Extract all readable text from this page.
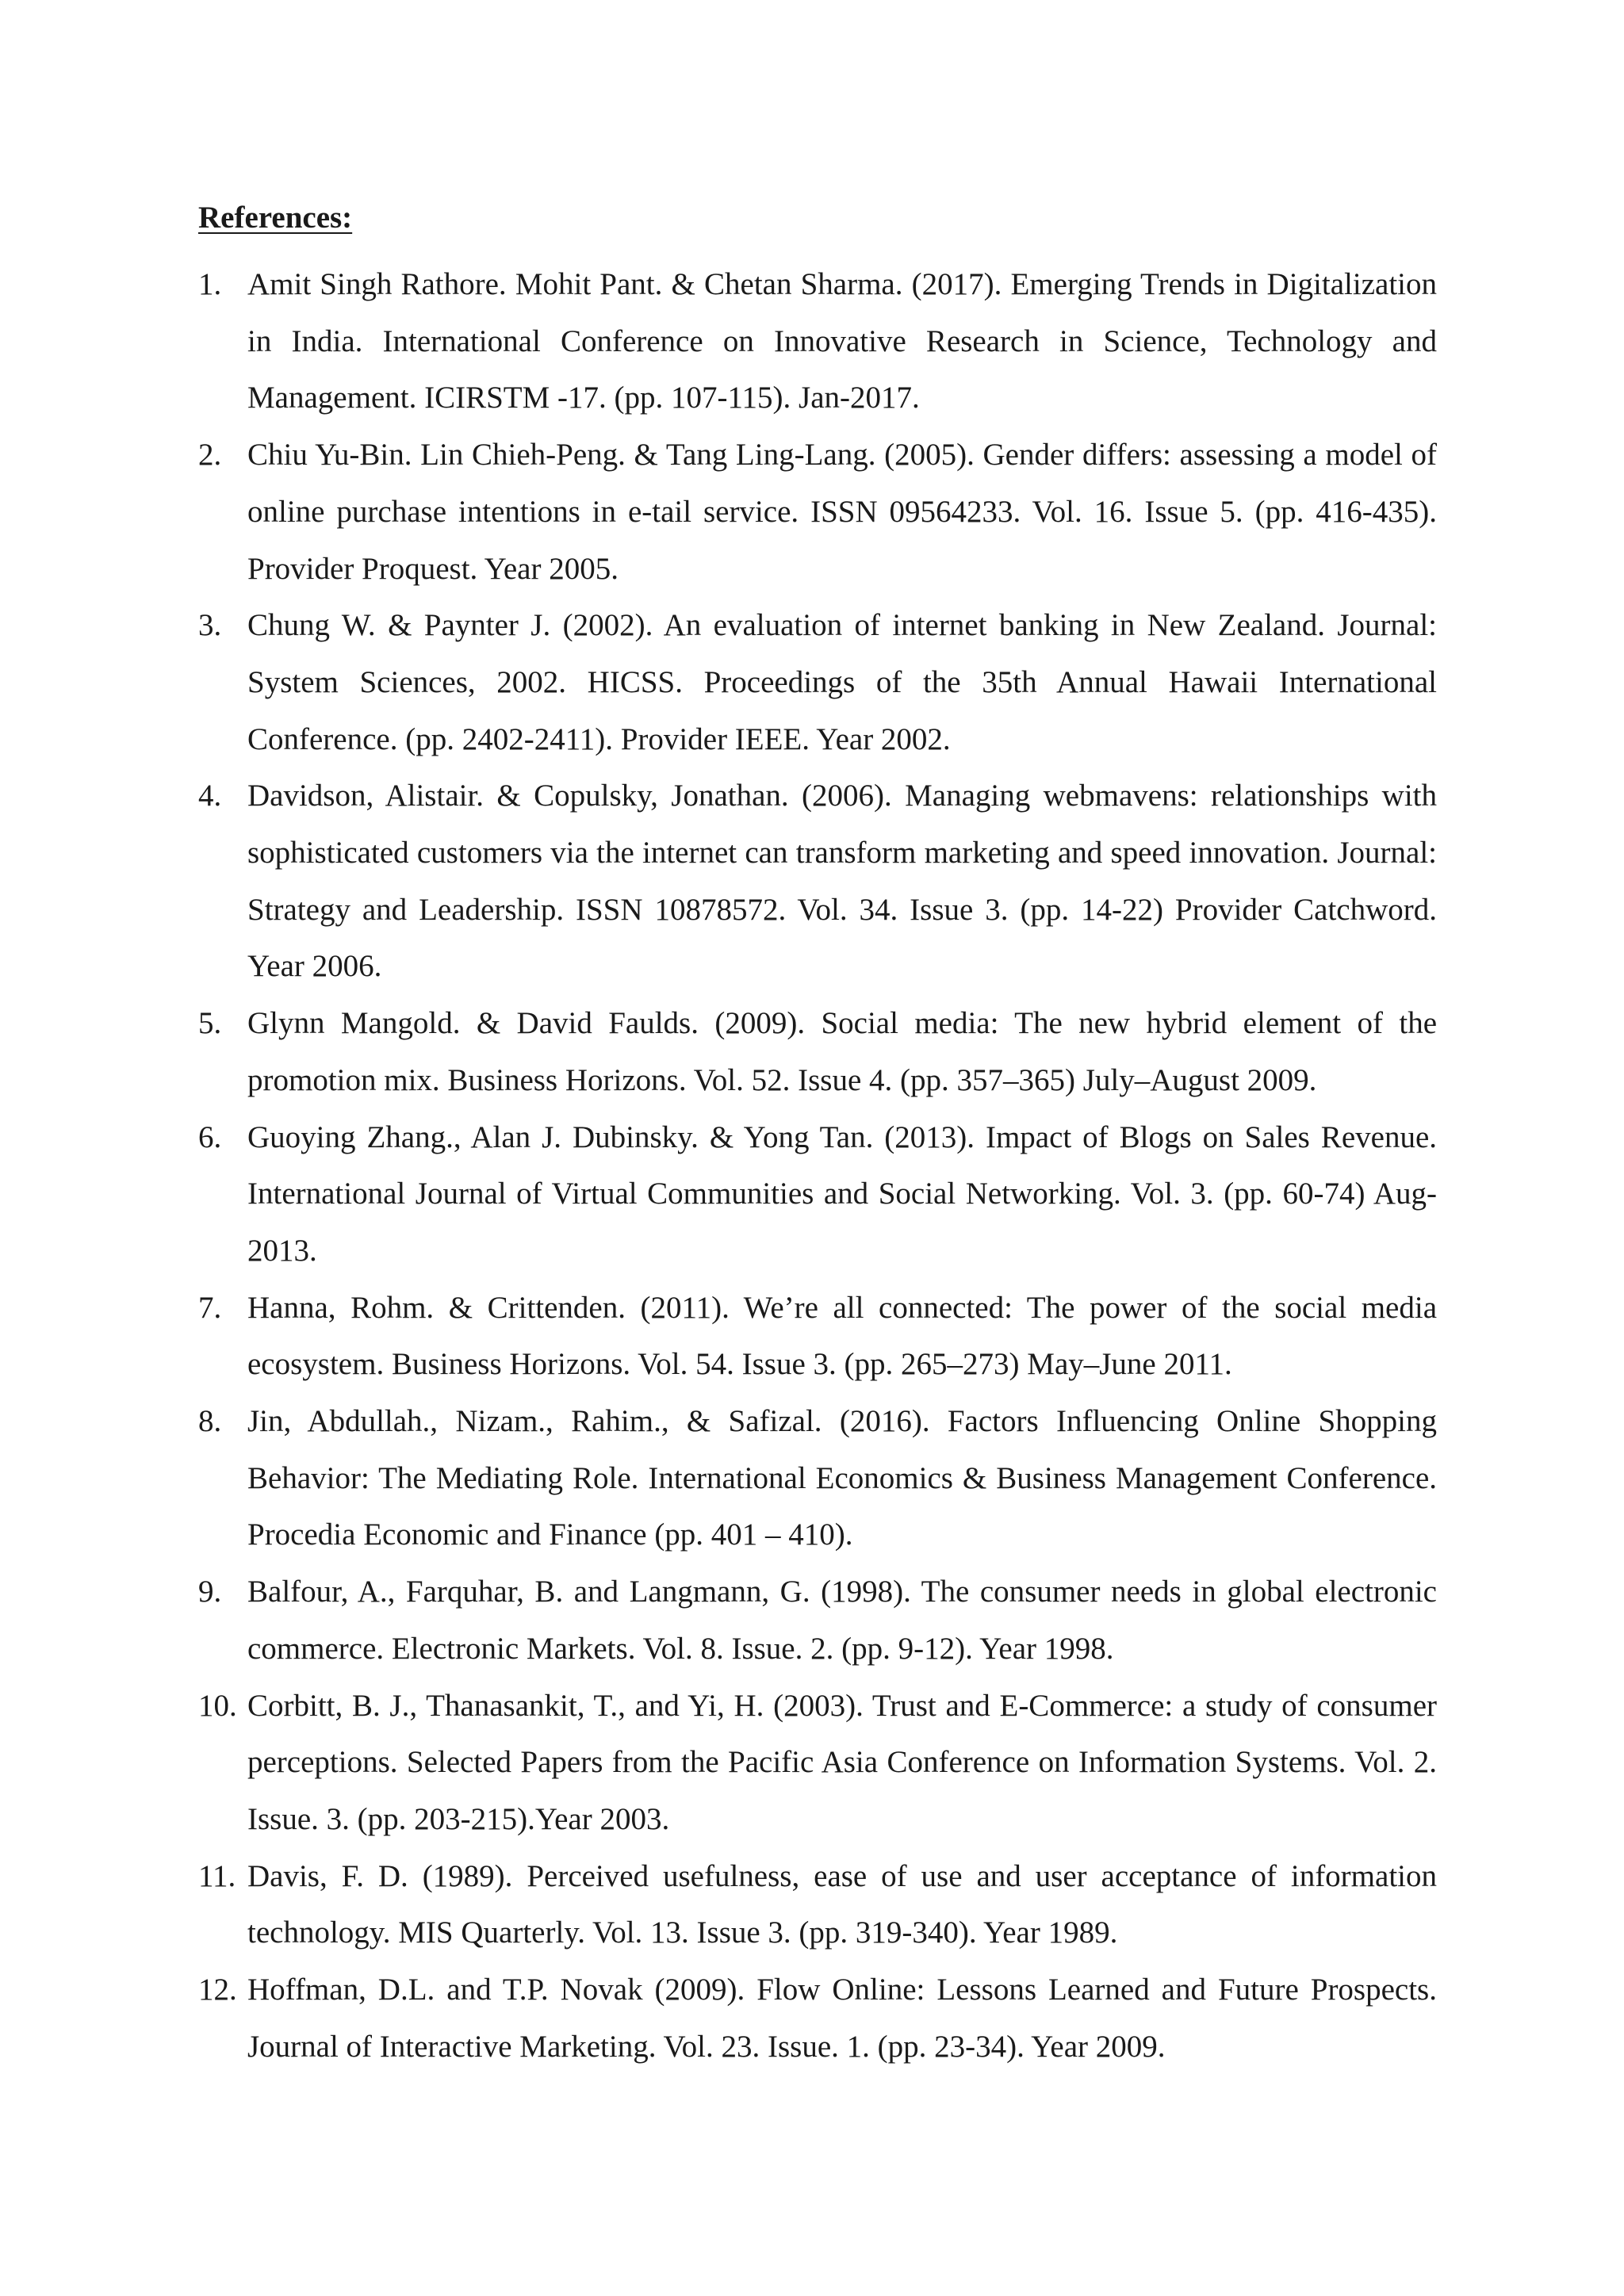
References:
1. Amit Singh Rathore. Mohit Pant. & Chetan Sharma. (2017). Emerging Trends in Digitalization in India. International Conference on Innovative Research in Science, Technology and Management. ICIRSTM -17. (pp. 107-115). Jan-2017.
2. Chiu Yu-Bin. Lin Chieh-Peng. & Tang Ling-Lang. (2005). Gender differs: assessing a model of online purchase intentions in e-tail service. ISSN 09564233. Vol. 16. Issue 5. (pp. 416-435). Provider Proquest. Year 2005.
3. Chung W. & Paynter J. (2002). An evaluation of internet banking in New Zealand. Journal: System Sciences, 2002. HICSS. Proceedings of the 35th Annual Hawaii International Conference. (pp. 2402-2411). Provider IEEE. Year 2002.
4. Davidson, Alistair. & Copulsky, Jonathan. (2006). Managing webmavens: relationships with sophisticated customers via the internet can transform marketing and speed innovation. Journal: Strategy and Leadership. ISSN 10878572. Vol. 34. Issue 3. (pp. 14-22) Provider Catchword. Year 2006.
5. Glynn Mangold. & David Faulds. (2009). Social media: The new hybrid element of the promotion mix. Business Horizons. Vol. 52. Issue 4. (pp. 357–365) July–August 2009.
6. Guoying Zhang., Alan J. Dubinsky. & Yong Tan. (2013). Impact of Blogs on Sales Revenue. International Journal of Virtual Communities and Social Networking. Vol. 3. (pp. 60-74) Aug-2013.
7. Hanna, Rohm. & Crittenden. (2011). We’re all connected: The power of the social media ecosystem. Business Horizons. Vol. 54. Issue 3. (pp. 265–273) May–June 2011.
8. Jin, Abdullah., Nizam., Rahim., & Safizal. (2016). Factors Influencing Online Shopping Behavior: The Mediating Role. International Economics & Business Management Conference. Procedia Economic and Finance (pp. 401 – 410).
9. Balfour, A., Farquhar, B. and Langmann, G. (1998). The consumer needs in global electronic commerce. Electronic Markets. Vol. 8. Issue. 2. (pp. 9-12). Year 1998.
10. Corbitt, B. J., Thanasankit, T., and Yi, H. (2003). Trust and E-Commerce: a study of consumer perceptions. Selected Papers from the Pacific Asia Conference on Information Systems. Vol. 2. Issue. 3. (pp. 203-215).Year 2003.
11. Davis, F. D. (1989). Perceived usefulness, ease of use and user acceptance of information technology. MIS Quarterly. Vol. 13. Issue 3. (pp. 319-340). Year 1989.
12. Hoffman, D.L. and T.P. Novak (2009). Flow Online: Lessons Learned and Future Prospects. Journal of Interactive Marketing. Vol. 23. Issue. 1. (pp. 23-34). Year 2009.
